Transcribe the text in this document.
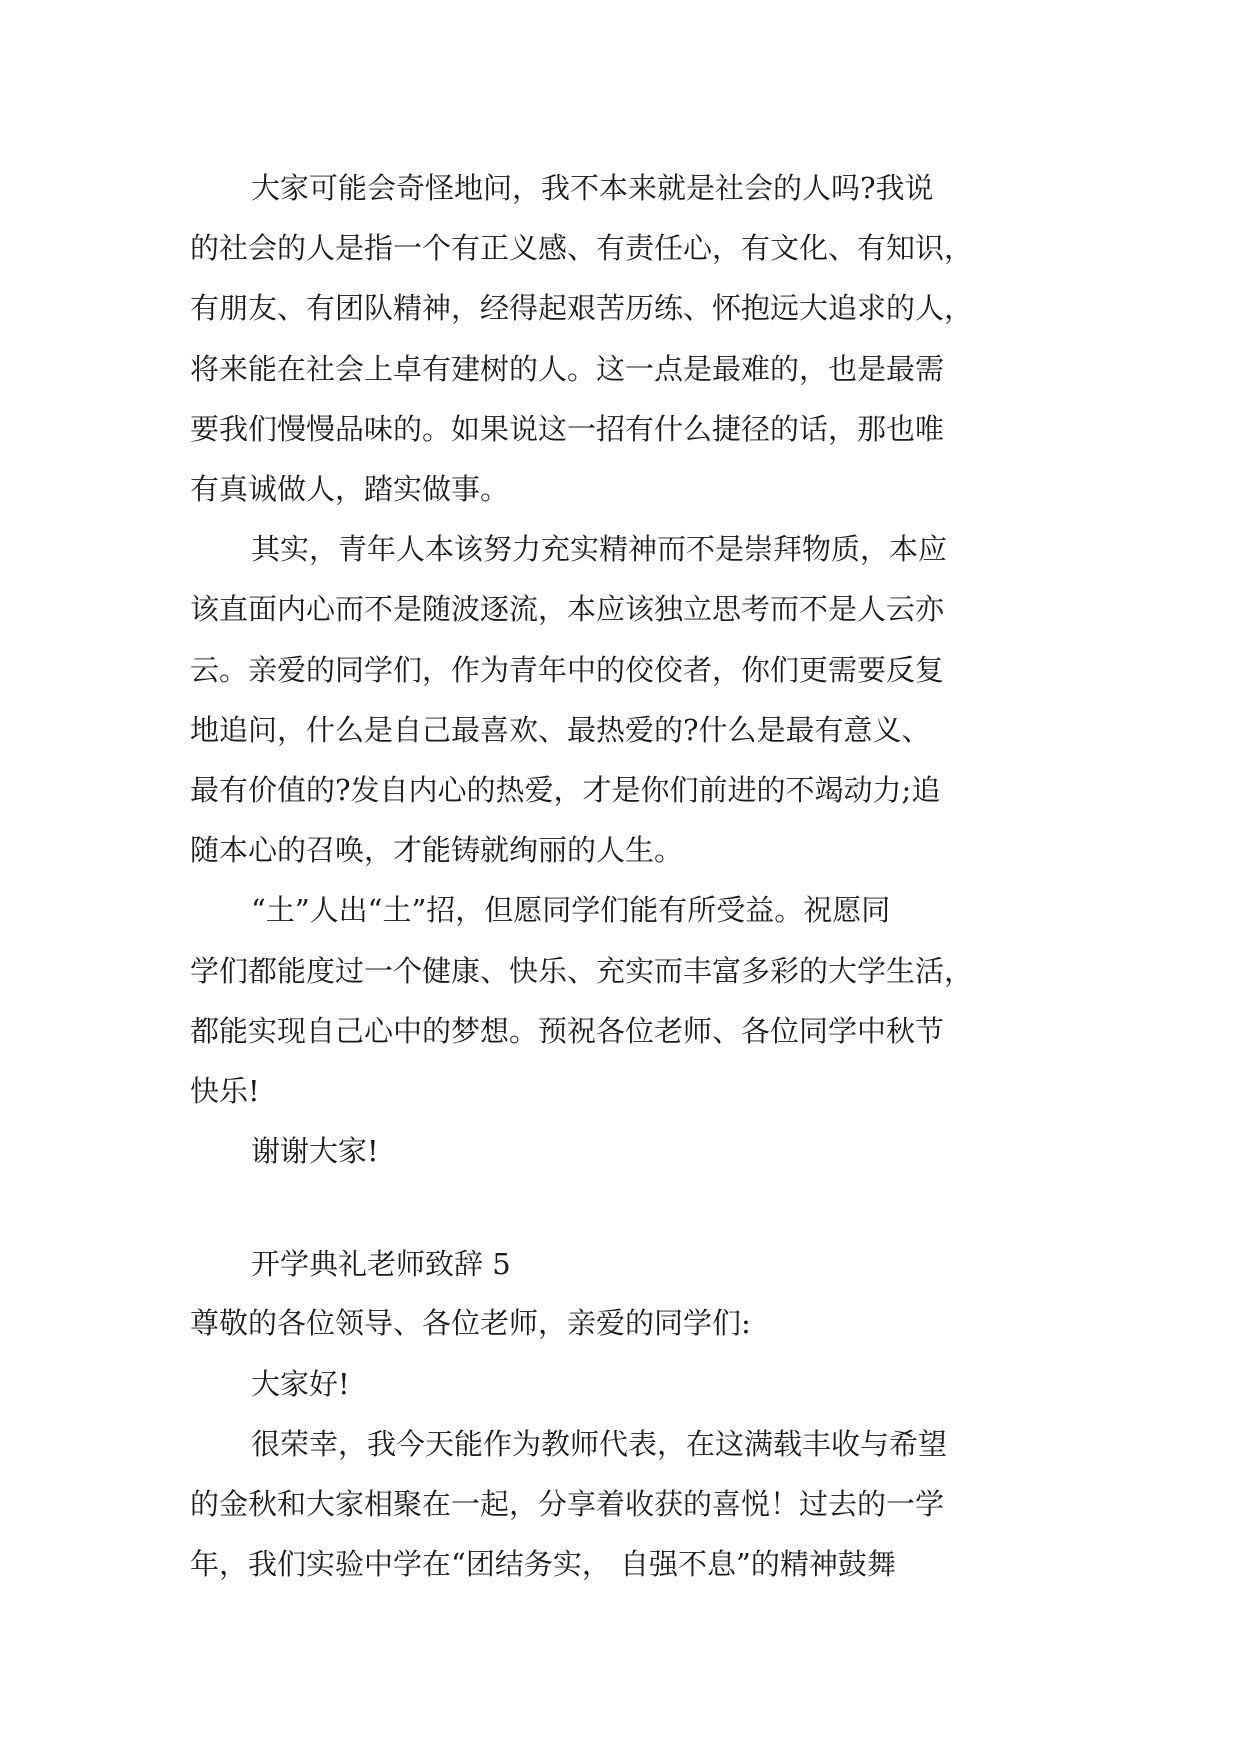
大家可能会奇怪地问，我不本来就是社会的人吗?我说
的社会的人是指一个有正义感、有责任心，有文化、有知识，
有朋友、有团队精神，经得起艰苦历练、怀抱远大追求的人，
将来能在社会上卓有建树的人。这一点是最难的，也是最需
要我们慢慢品味的。如果说这一招有什么捷径的话，那也唯
有真诚做人，踏实做事。

其实，青年人本该努力充实精神而不是崇拜物质，本应
该直面内心而不是随波逐流，本应该独立思考而不是人云亦
云。亲爱的同学们，作为青年中的佼佼者，你们更需要反复
地追问，什么是自己最喜欢、最热爱的?什么是最有意义、
最有价值的?发自内心的热爱，才是你们前进的不竭动力;追
随本心的召唤，才能铸就绚丽的人生。

“土”人出“土”招，但愿同学们能有所受益。祝愿同
学们都能度过一个健康、快乐、充实而丰富多彩的大学生活，
都能实现自己心中的梦想。预祝各位老师、各位同学中秋节
快乐!

谢谢大家!

开学典礼老师致辞 5

尊敬的各位领导、各位老师，亲爱的同学们:

大家好!

很荣幸，我今天能作为教师代表，在这满载丰收与希望
的金秋和大家相聚在一起，分享着收获的喜悦！过去的一学
年，我们实验中学在“团结务实， 自强不息”的精神鼓舞
